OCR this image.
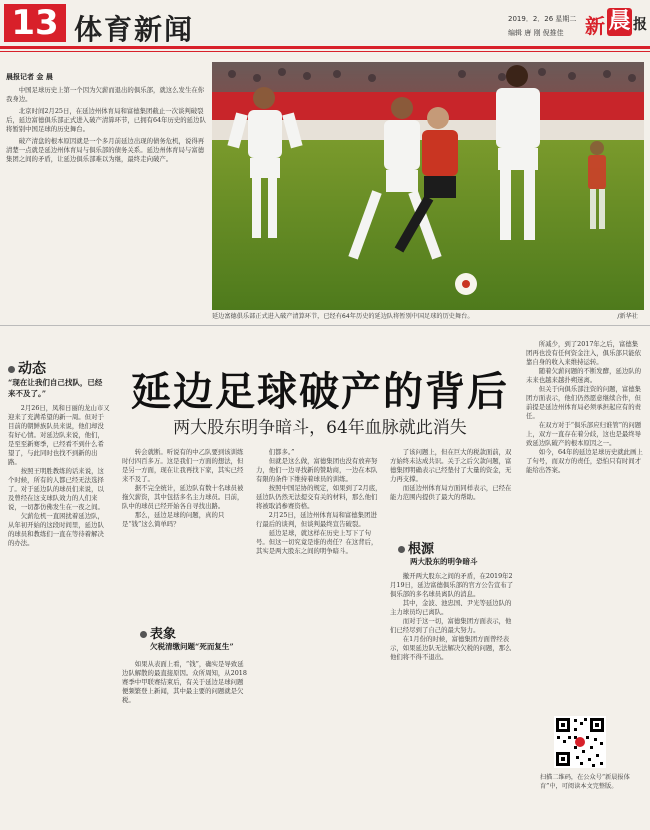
13 体育新闻	2019．2．26 星期二
编辑 唐 刚 倪推佳 新 晨 报
晨报记者 金 晨

中国足球历史上第一个因为欠薪而退出的俱乐部，就这么发生在你我身边。

北京时间2月25日，在延边州体育局和富德集团截止一次谈判破裂后，延边富德俱乐部正式进入破产清算环节，已拥有64年历史的延边队将暂别中国足球的历史舞台。

破产清盘的根本原因就是一个多月前延边出现的债务危机，说得再清楚一点就是延边州体育局与俱乐部的债务关系。延边州体育局与富德集团之间的矛盾，让延边俱乐部难以为继，最终走向破产。

延边富德俱乐部正式进入破产清算环节，已经有64年历史的延边队将暂别中国足球的历史舞台。	/新华社
动态
“现在让我们自己找队，已经来不及了。”

2月26日，凤和日丽的龙山市又迎来了充满希望的新一周。但对于目前的朝鲜族队员来说，他们却没有好心情。对延边队来说，他们，是至至新赛季，已经看不到什么希望了，与此同时也找不到新的出路。

按照王明胜教练的话来说，这个时候，所有的人都已经无法选择了。对于延边队的球员们来说，以及曾经在这支球队效力的人们来说，一切都仿佛发生在一夜之间。

欠薪危机一直困扰着延边队，从年初开始的这段时间里，延边队的球员和教练们一直在等待着解决的办法。

延边足球破产的背后
两大股东明争暗斗，64年血脉就此消失

转会就断。听说有的中乙队要到该训练时付四百多万。这是我们一方面的想法，但是另一方面，现在让我再找下家，其实已经来不及了。

据不完全统计，延边队有数十名球员被拖欠薪资，其中包括多名主力球员。目前，队中的球员已经开始各自寻找出路。

那么，延边足球的问题，真的只是“钱”这么简单吗？

表象
欠税清缴问题“死而复生”

如果从表面上看，“钱”，确实是导致延边队解散的最直接原因。众所周知，从2018赛季中甲联赛结束后，有关于延边足球问题便频繁登上新闻，其中最主要的问题就是欠税。

们都多。”

但就是这么做，富德集团也没有放弃努力，他们一边寻找新的赞助商，一边在本队有限的条件下维持着球员的训练。

按照中国足协的规定，如果到了2月底，延边队仍然无法提交有关的材料，那么他们将被取消参赛资格。

2月25日，延边州体育局和富德集团进行最后的谈判，但谈判最终宣告破裂。

延边足球，就这样在历史上写下了句号。但这一切究竟是谁的责任？在这背后，其实是两大股东之间的明争暗斗。

了该问题上，但在巨大的税款面前，双方始终未达成共识。关于之后欠款问题，富德集团明确表示已经垫付了大量的资金，无力再支撑。

而延边州体育局方面同样表示，已经在能力范围内提供了最大的帮助。

根源
两大股东的明争暗斗

撤开两大股东之间的矛盾，在2019年2月19日，延边富德俱乐部的官方公告宣布了俱乐部的多名球员离队的消息。

其中，金波、池忠国、尹光等延边队的主力球员均已离队。

而对于这一切，富德集团方面表示，他们已经尽到了自己的最大努力。

在1月份的时候，富德集团方面曾经表示，如果延边队无法解决欠税的问题，那么他们将不得不退出。

所减少，到了2017年之后，富德集团再也没有任何资金注入，俱乐部只能依靠自身的收入来维持运转。

随着欠薪问题的不断发酵，延边队的未来也越来越扑朔迷离。

但关于向俱乐部注资的问题，富德集团方面表示，他们仍然愿意继续合作，但前提是延边州体育局必须承担起应有的责任。

在双方对于“俱乐部应归谁管”的问题上，双方一直存在着分歧，这也是最终导致延边队破产的根本原因之一。

如今，64年的延边足球历史就此画上了句号，而双方的责任，恐怕只有时间才能给出答案。

扫描二维码，在公众号“新晨报体育”中，可阅读本文完整版。
